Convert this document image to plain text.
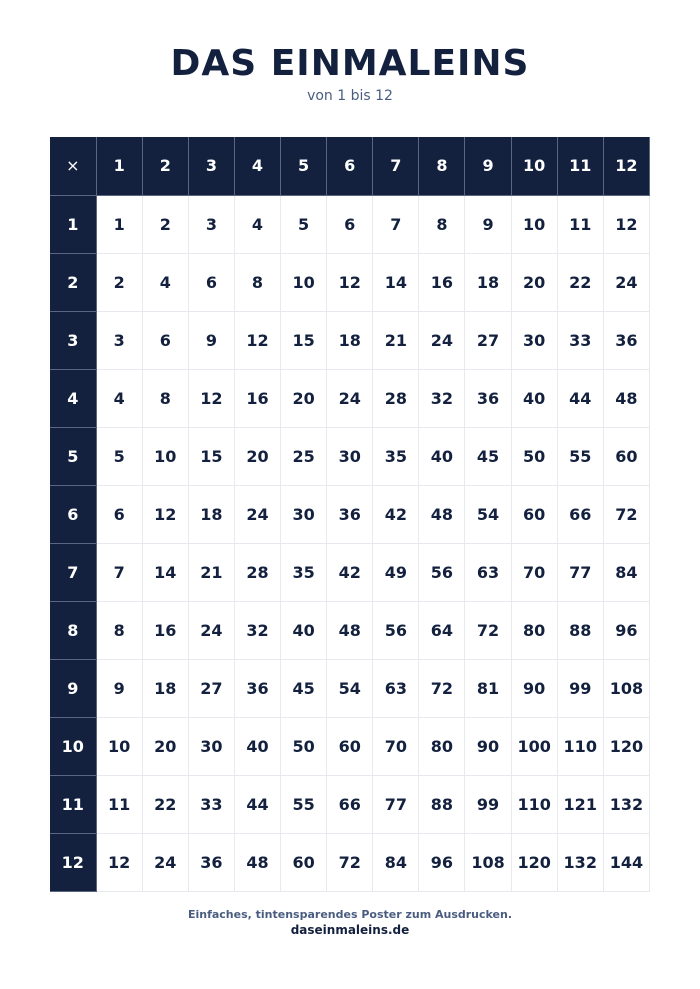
DAS EINMALEINS
von 1 bis 12
×	1	2	3	4	5	6	7	8	9	10	11	12
1	1	2	3	4	5	6	7	8	9	10	11	12
2	2	4	6	8	10	12	14	16	18	20	22	24
3	3	6	9	12	15	18	21	24	27	30	33	36
4	4	8	12	16	20	24	28	32	36	40	44	48
5	5	10	15	20	25	30	35	40	45	50	55	60
6	6	12	18	24	30	36	42	48	54	60	66	72
7	7	14	21	28	35	42	49	56	63	70	77	84
8	8	16	24	32	40	48	56	64	72	80	88	96
9	9	18	27	36	45	54	63	72	81	90	99	108
10	10	20	30	40	50	60	70	80	90	100	110	120
11	11	22	33	44	55	66	77	88	99	110	121	132
12	12	24	36	48	60	72	84	96	108	120	132	144
Einfaches, tintensparendes Poster zum Ausdrucken.
daseinmaleins.de
